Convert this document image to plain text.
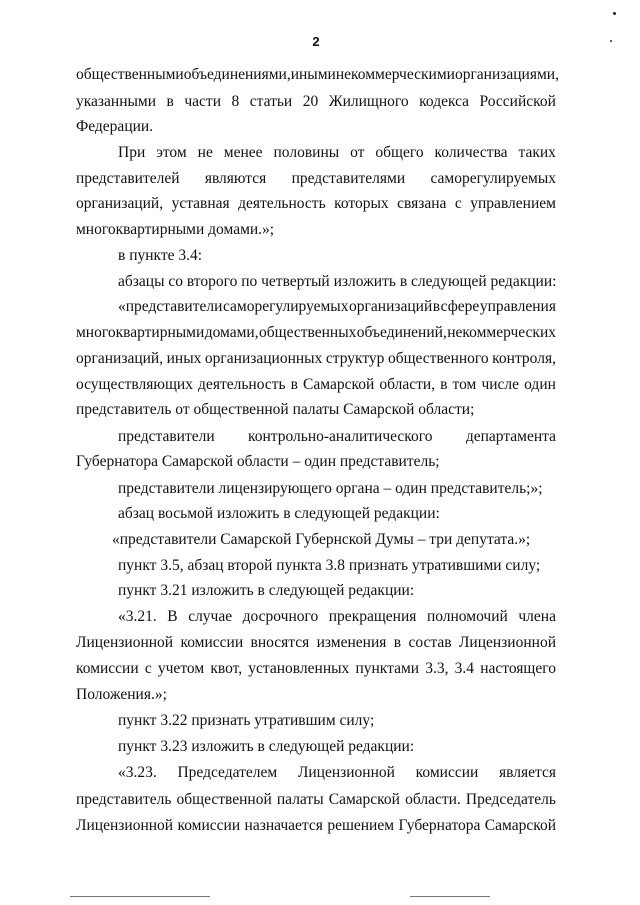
2
общественными объединениями, иными некоммерческими организациями,
указанными в части 8 статьи 20 Жилищного кодекса Российской
Федерации.
При этом не менее половины от общего количества таких
представителей являются представителями саморегулируемых
организаций, уставная деятельность которых связана с управлением
многоквартирными домами.»;
в пункте 3.4:
абзацы со второго по четвертый изложить в следующей редакции:
«представители саморегулируемых организаций в сфере управления
многоквартирными домами, общественных объединений, некоммерческих
организаций, иных организационных структур общественного контроля,
осуществляющих деятельность в Самарской области, в том числе один
представитель от общественной палаты Самарской области;
представители контрольно-аналитического департамента
Губернатора Самарской области – один представитель;
представители лицензирующего органа – один представитель;»;
абзац восьмой изложить в следующей редакции:
«представители Самарской Губернской Думы – три депутата.»;
пункт 3.5, абзац второй пункта 3.8 признать утратившими силу;
пункт 3.21 изложить в следующей редакции:
«3.21. В случае досрочного прекращения полномочий члена
Лицензионной комиссии вносятся изменения в состав Лицензионной
комиссии с учетом квот, установленных пунктами 3.3, 3.4 настоящего
Положения.»;
пункт 3.22 признать утратившим силу;
пункт 3.23 изложить в следующей редакции:
«3.23. Председателем Лицензионной комиссии является
представитель общественной палаты Самарской области. Председатель
Лицензионной комиссии назначается решением Губернатора Самарской
